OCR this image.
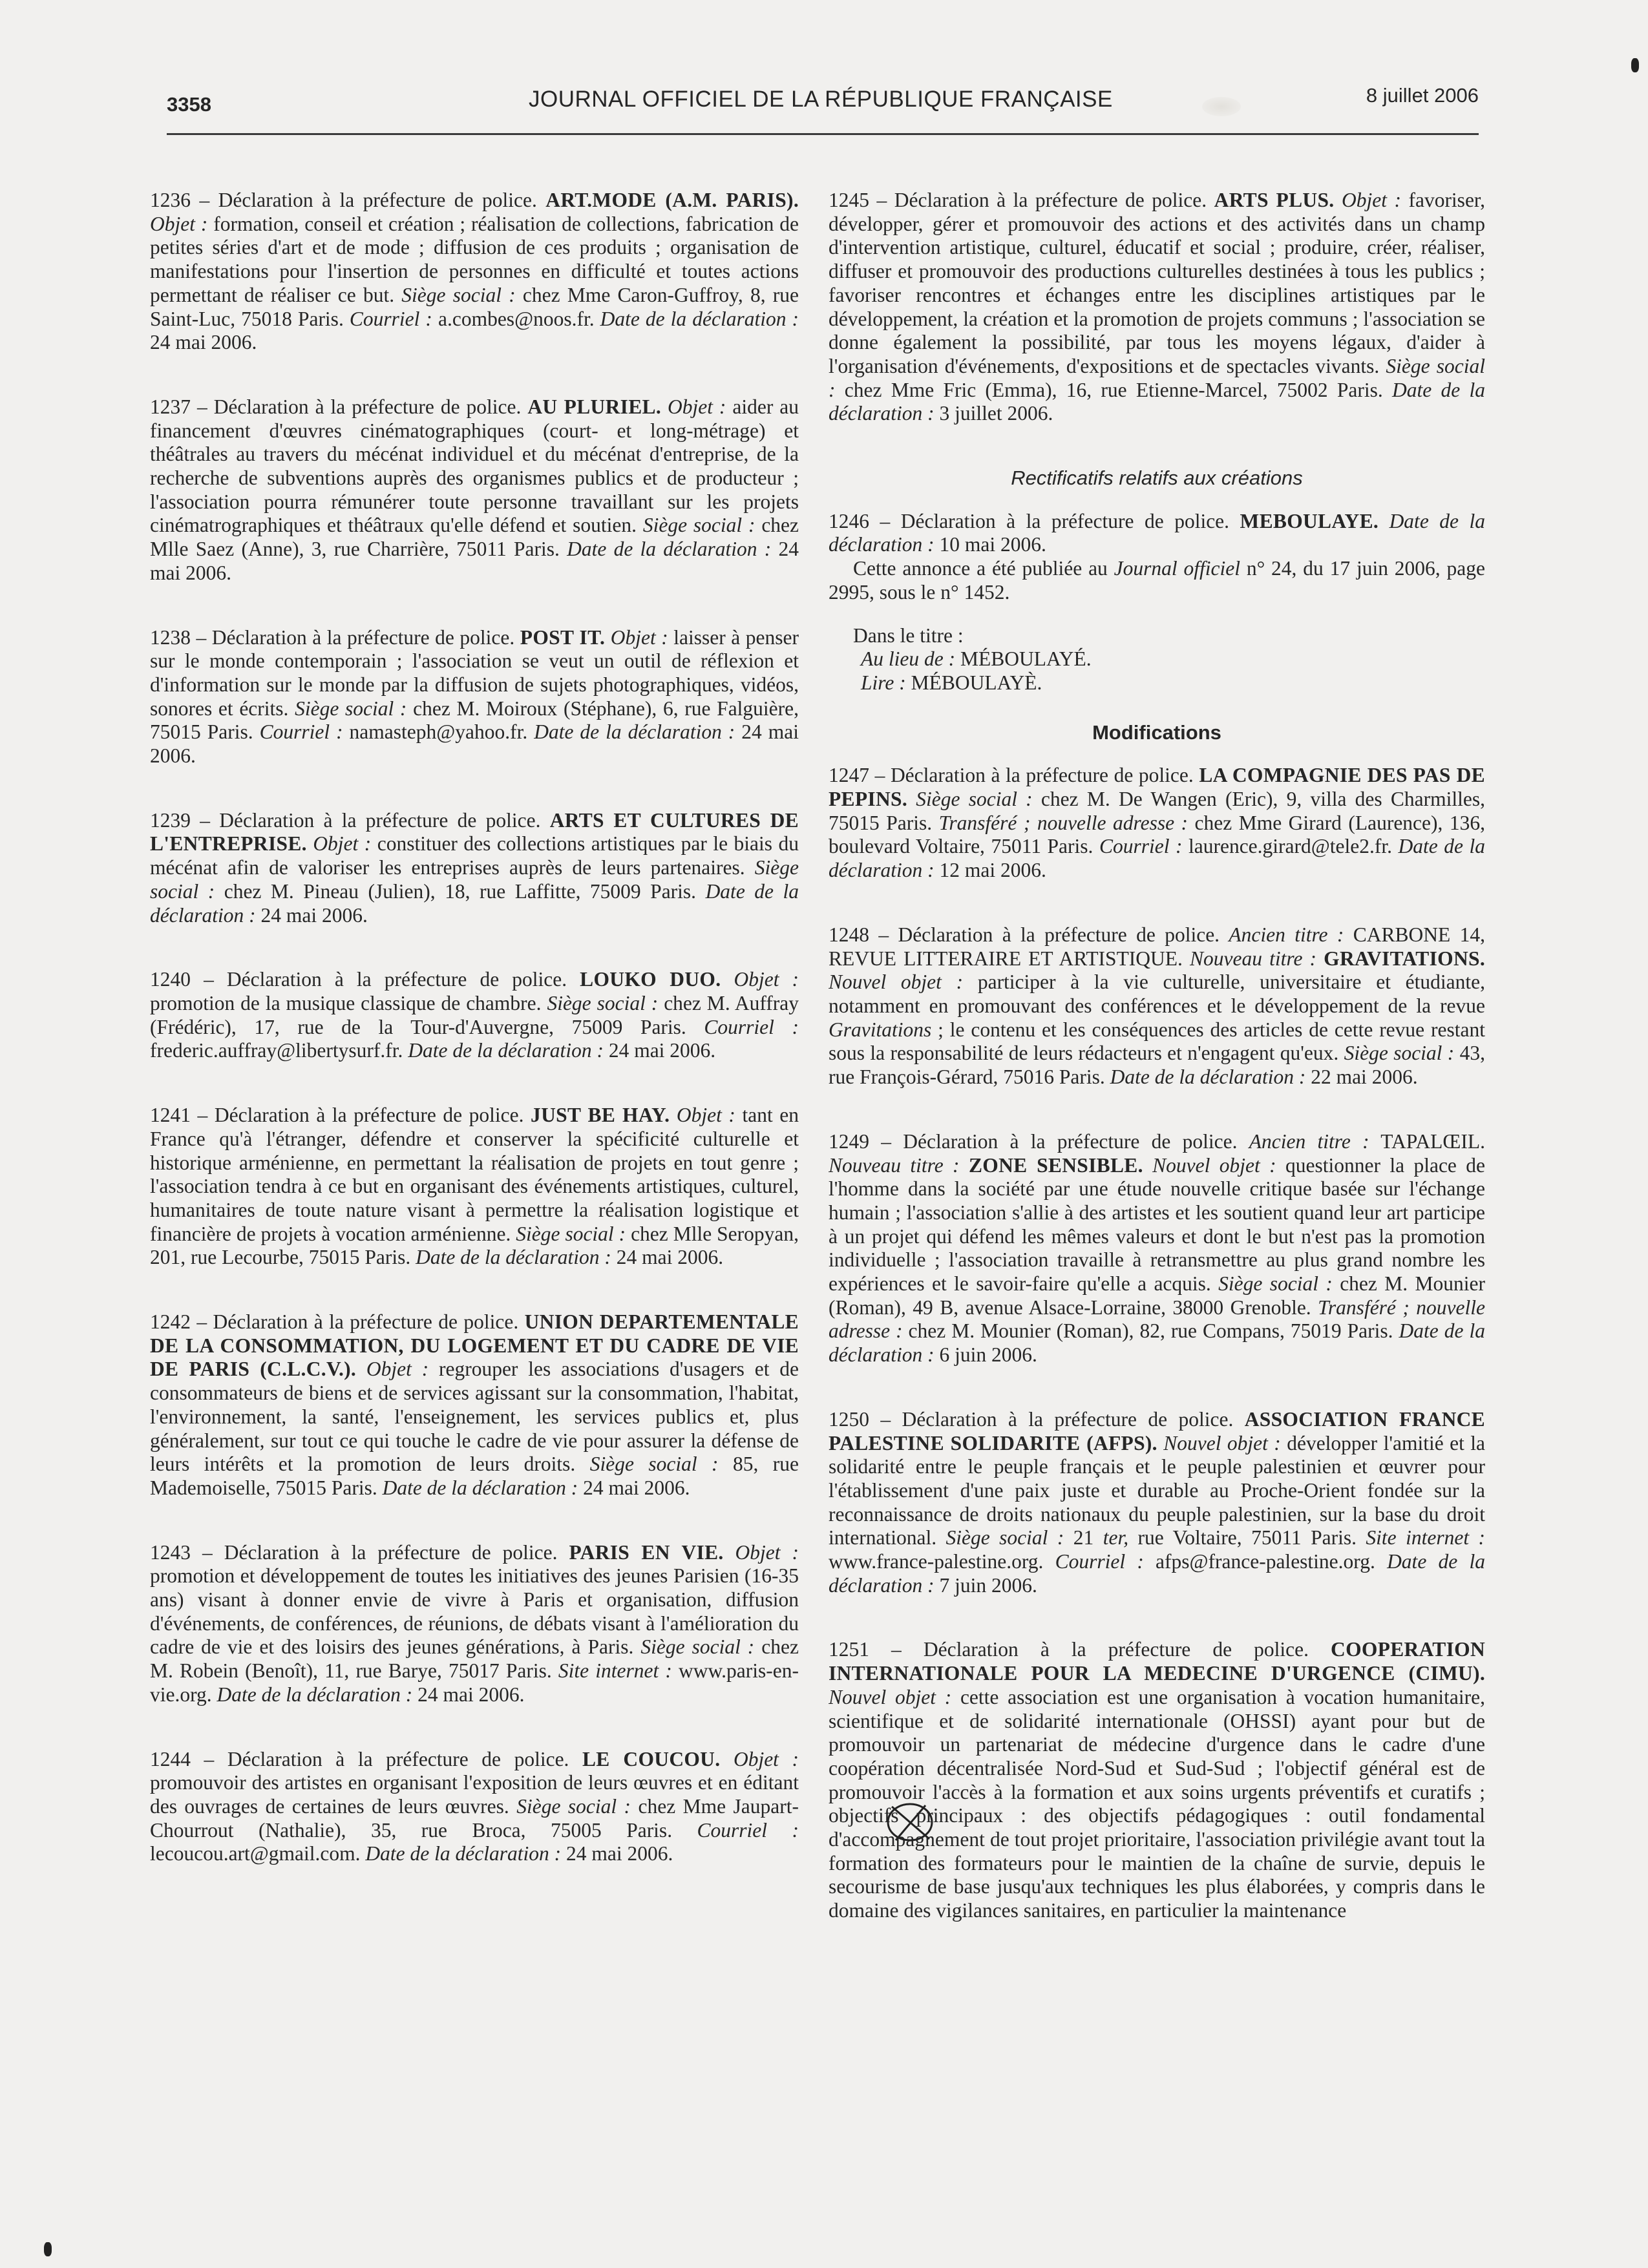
3358	JOURNAL OFFICIEL DE LA RÉPUBLIQUE FRANÇAISE	8 juillet 2006

1236 – Déclaration à la préfecture de police. ART.MODE (A.M. PARIS). Objet : formation, conseil et création ; réalisation de collections, fabrication de petites séries d'art et de mode ; diffusion de ces produits ; organisation de manifestations pour l'insertion de personnes en difficulté et toutes actions permettant de réaliser ce but. Siège social : chez Mme Caron-Guffroy, 8, rue Saint-Luc, 75018 Paris. Courriel : a.combes@noos.fr. Date de la déclaration : 24 mai 2006.

1237 – Déclaration à la préfecture de police. AU PLURIEL. Objet : aider au financement d'œuvres cinématographiques (court- et long-métrage) et théâtrales au travers du mécénat individuel et du mécénat d'entreprise, de la recherche de subventions auprès des organismes publics et de producteur ; l'association pourra rémunérer toute personne travaillant sur les projets cinématrographiques et théâtraux qu'elle défend et soutien. Siège social : chez Mlle Saez (Anne), 3, rue Charrière, 75011 Paris. Date de la déclaration : 24 mai 2006.

1238 – Déclaration à la préfecture de police. POST IT. Objet : laisser à penser sur le monde contemporain ; l'association se veut un outil de réflexion et d'information sur le monde par la diffusion de sujets photographiques, vidéos, sonores et écrits. Siège social : chez M. Moiroux (Stéphane), 6, rue Falguière, 75015 Paris. Courriel : namasteph@yahoo.fr. Date de la déclaration : 24 mai 2006.

1239 – Déclaration à la préfecture de police. ARTS ET CULTURES DE L'ENTREPRISE. Objet : constituer des collections artistiques par le biais du mécénat afin de valoriser les entreprises auprès de leurs partenaires. Siège social : chez M. Pineau (Julien), 18, rue Laffitte, 75009 Paris. Date de la déclaration : 24 mai 2006.

1240 – Déclaration à la préfecture de police. LOUKO DUO. Objet : promotion de la musique classique de chambre. Siège social : chez M. Auffray (Frédéric), 17, rue de la Tour-d'Auvergne, 75009 Paris. Courriel : frederic.auffray@libertysurf.fr. Date de la déclaration : 24 mai 2006.

1241 – Déclaration à la préfecture de police. JUST BE HAY. Objet : tant en France qu'à l'étranger, défendre et conserver la spécificité culturelle et historique arménienne, en permettant la réalisation de projets en tout genre ; l'association tendra à ce but en organisant des événements artistiques, culturel, humanitaires de toute nature visant à permettre la réalisation logistique et financière de projets à vocation arménienne. Siège social : chez Mlle Seropyan, 201, rue Lecourbe, 75015 Paris. Date de la déclaration : 24 mai 2006.

1242 – Déclaration à la préfecture de police. UNION DEPARTEMENTALE DE LA CONSOMMATION, DU LOGEMENT ET DU CADRE DE VIE DE PARIS (C.L.C.V.). Objet : regrouper les associations d'usagers et de consommateurs de biens et de services agissant sur la consommation, l'habitat, l'environnement, la santé, l'enseignement, les services publics et, plus généralement, sur tout ce qui touche le cadre de vie pour assurer la défense de leurs intérêts et la promotion de leurs droits. Siège social : 85, rue Mademoiselle, 75015 Paris. Date de la déclaration : 24 mai 2006.

1243 – Déclaration à la préfecture de police. PARIS EN VIE. Objet : promotion et développement de toutes les initiatives des jeunes Parisien (16-35 ans) visant à donner envie de vivre à Paris et organisation, diffusion d'événements, de conférences, de réunions, de débats visant à l'amélioration du cadre de vie et des loisirs des jeunes générations, à Paris. Siège social : chez M. Robein (Benoît), 11, rue Barye, 75017 Paris. Site internet : www.paris-en-vie.org. Date de la déclaration : 24 mai 2006.

1244 – Déclaration à la préfecture de police. LE COUCOU. Objet : promouvoir des artistes en organisant l'exposition de leurs œuvres et en éditant des ouvrages de certaines de leurs œuvres. Siège social : chez Mme Jaupart-Chourrout (Nathalie), 35, rue Broca, 75005 Paris. Courriel : lecoucou.art@gmail.com. Date de la déclaration : 24 mai 2006.

1245 – Déclaration à la préfecture de police. ARTS PLUS. Objet : favoriser, développer, gérer et promouvoir des actions et des activités dans un champ d'intervention artistique, culturel, éducatif et social ; produire, créer, réaliser, diffuser et promouvoir des productions culturelles destinées à tous les publics ; favoriser rencontres et échanges entre les disciplines artistiques par le développement, la création et la promotion de projets communs ; l'association se donne également la possibilité, par tous les moyens légaux, d'aider à l'organisation d'événements, d'expositions et de spectacles vivants. Siège social : chez Mme Fric (Emma), 16, rue Etienne-Marcel, 75002 Paris. Date de la déclaration : 3 juillet 2006.

Rectificatifs relatifs aux créations

1246 – Déclaration à la préfecture de police. MEBOULAYE. Date de la déclaration : 10 mai 2006.

Cette annonce a été publiée au Journal officiel n° 24, du 17 juin 2006, page 2995, sous le n° 1452.

Dans le titre :

Au lieu de : MÉBOULAYÉ.

Lire : MÉBOULAYÈ.

Modifications

1247 – Déclaration à la préfecture de police. LA COMPAGNIE DES PAS DE PEPINS. Siège social : chez M. De Wangen (Eric), 9, villa des Charmilles, 75015 Paris. Transféré ; nouvelle adresse : chez Mme Girard (Laurence), 136, boulevard Voltaire, 75011 Paris. Courriel : laurence.girard@tele2.fr. Date de la déclaration : 12 mai 2006.

1248 – Déclaration à la préfecture de police. Ancien titre : CARBONE 14, REVUE LITTERAIRE ET ARTISTIQUE. Nouveau titre : GRAVITATIONS. Nouvel objet : participer à la vie culturelle, universitaire et étudiante, notamment en promouvant des conférences et le développement de la revue Gravitations ; le contenu et les conséquences des articles de cette revue restant sous la responsabilité de leurs rédacteurs et n'engagent qu'eux. Siège social : 43, rue François-Gérard, 75016 Paris. Date de la déclaration : 22 mai 2006.

1249 – Déclaration à la préfecture de police. Ancien titre : TAPALŒIL. Nouveau titre : ZONE SENSIBLE. Nouvel objet : questionner la place de l'homme dans la société par une étude nouvelle critique basée sur l'échange humain ; l'association s'allie à des artistes et les soutient quand leur art participe à un projet qui défend les mêmes valeurs et dont le but n'est pas la promotion individuelle ; l'association travaille à retransmettre au plus grand nombre les expériences et le savoir-faire qu'elle a acquis. Siège social : chez M. Mounier (Roman), 49 B, avenue Alsace-Lorraine, 38000 Grenoble. Transféré ; nouvelle adresse : chez M. Mounier (Roman), 82, rue Compans, 75019 Paris. Date de la déclaration : 6 juin 2006.

1250 – Déclaration à la préfecture de police. ASSOCIATION FRANCE PALESTINE SOLIDARITE (AFPS). Nouvel objet : développer l'amitié et la solidarité entre le peuple français et le peuple palestinien et œuvrer pour l'établissement d'une paix juste et durable au Proche-Orient fondée sur la reconnaissance de droits nationaux du peuple palestinien, sur la base du droit international. Siège social : 21 ter, rue Voltaire, 75011 Paris. Site internet : www.france-palestine.org. Courriel : afps@france-palestine.org. Date de la déclaration : 7 juin 2006.

1251 – Déclaration à la préfecture de police. COOPERATION INTERNATIONALE POUR LA MEDECINE D'URGENCE (CIMU). Nouvel objet : cette association est une organisation à vocation humanitaire, scientifique et de solidarité internationale (OHSSI) ayant pour but de promouvoir un partenariat de médecine d'urgence dans le cadre d'une coopération décentralisée Nord-Sud et Sud-Sud ; l'objectif général est de promouvoir l'accès à la formation et aux soins urgents préventifs et curatifs ; objectifs principaux : des objectifs pédagogiques : outil fondamental d'accompagnement de tout projet prioritaire, l'association privilégie avant tout la formation des formateurs pour le maintien de la chaîne de survie, depuis le secourisme de base jusqu'aux techniques les plus élaborées, y compris dans le domaine des vigilances sanitaires, en particulier la maintenance
